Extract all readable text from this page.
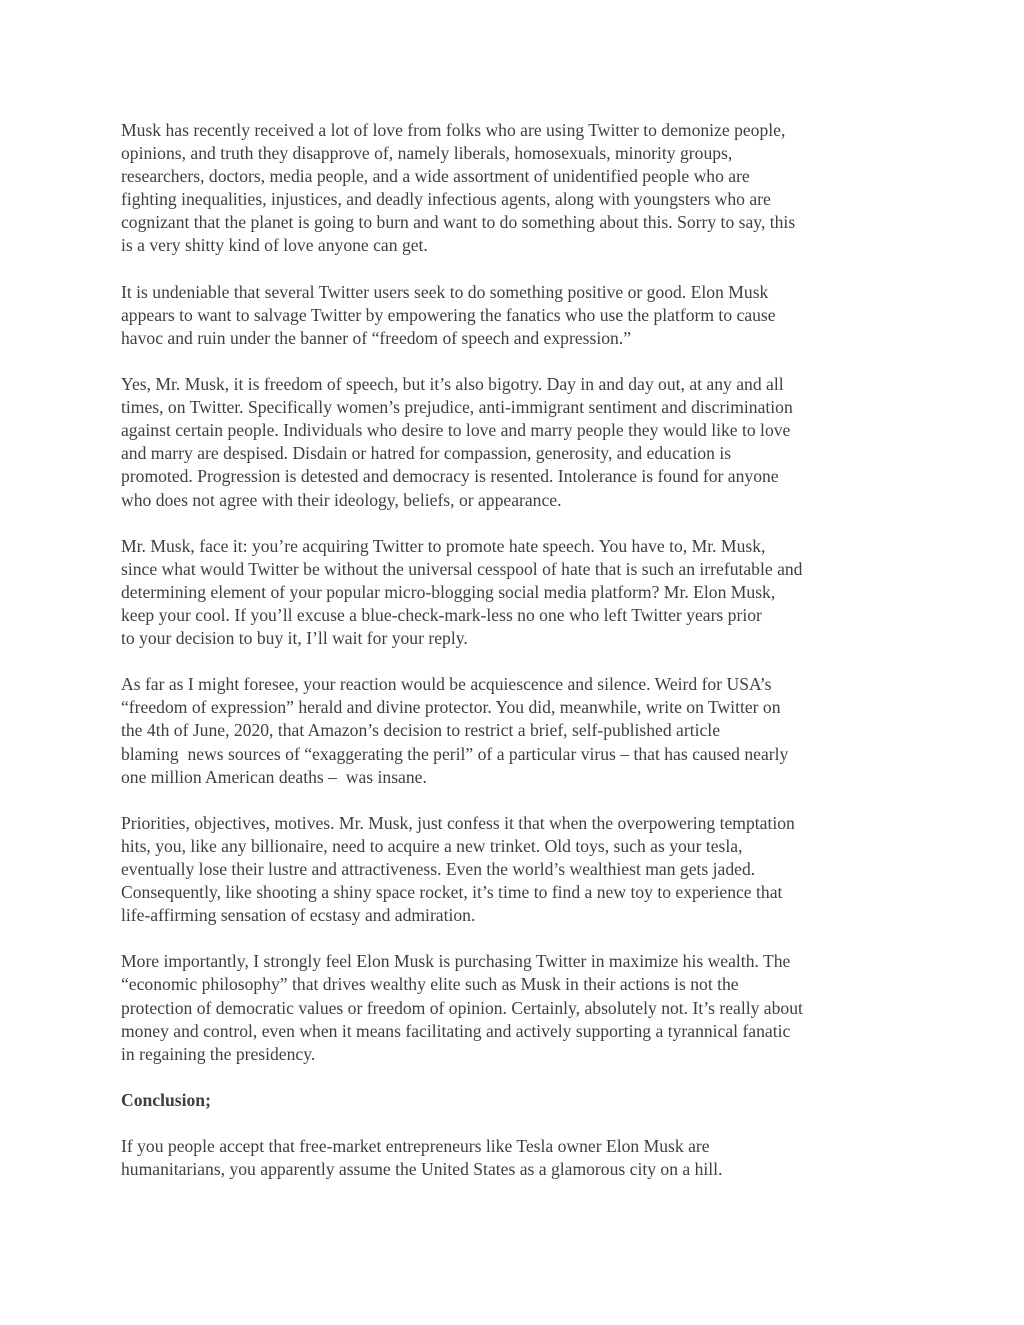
Musk has recently received a lot of love from folks who are using Twitter to demonize people,
opinions, and truth they disapprove of, namely liberals, homosexuals, minority groups,
researchers, doctors, media people, and a wide assortment of unidentified people who are
fighting inequalities, injustices, and deadly infectious agents, along with youngsters who are
cognizant that the planet is going to burn and want to do something about this. Sorry to say, this
is a very shitty kind of love anyone can get.

It is undeniable that several Twitter users seek to do something positive or good. Elon Musk
appears to want to salvage Twitter by empowering the fanatics who use the platform to cause
havoc and ruin under the banner of “freedom of speech and expression.”

Yes, Mr. Musk, it is freedom of speech, but it’s also bigotry. Day in and day out, at any and all
times, on Twitter. Specifically women’s prejudice, anti-immigrant sentiment and discrimination
against certain people. Individuals who desire to love and marry people they would like to love
and marry are despised. Disdain or hatred for compassion, generosity, and education is
promoted. Progression is detested and democracy is resented. Intolerance is found for anyone
who does not agree with their ideology, beliefs, or appearance.

Mr. Musk, face it: you’re acquiring Twitter to promote hate speech. You have to, Mr. Musk,
since what would Twitter be without the universal cesspool of hate that is such an irrefutable and
determining element of your popular micro-blogging social media platform? Mr. Elon Musk,
keep your cool. If you’ll excuse a blue-check-mark-less no one who left Twitter years prior
to your decision to buy it, I’ll wait for your reply.

As far as I might foresee, your reaction would be acquiescence and silence. Weird for USA’s
“freedom of expression” herald and divine protector. You did, meanwhile, write on Twitter on
the 4th of June, 2020, that Amazon’s decision to restrict a brief, self-published article
blaming  news sources of “exaggerating the peril” of a particular virus – that has caused nearly
one million American deaths –  was insane.

Priorities, objectives, motives. Mr. Musk, just confess it that when the overpowering temptation
hits, you, like any billionaire, need to acquire a new trinket. Old toys, such as your tesla,
eventually lose their lustre and attractiveness. Even the world’s wealthiest man gets jaded.
Consequently, like shooting a shiny space rocket, it’s time to find a new toy to experience that
life-affirming sensation of ecstasy and admiration.

More importantly, I strongly feel Elon Musk is purchasing Twitter in maximize his wealth. The
“economic philosophy” that drives wealthy elite such as Musk in their actions is not the
protection of democratic values or freedom of opinion. Certainly, absolutely not. It’s really about
money and control, even when it means facilitating and actively supporting a tyrannical fanatic
in regaining the presidency.

Conclusion;

If you people accept that free-market entrepreneurs like Tesla owner Elon Musk are
humanitarians, you apparently assume the United States as a glamorous city on a hill.
